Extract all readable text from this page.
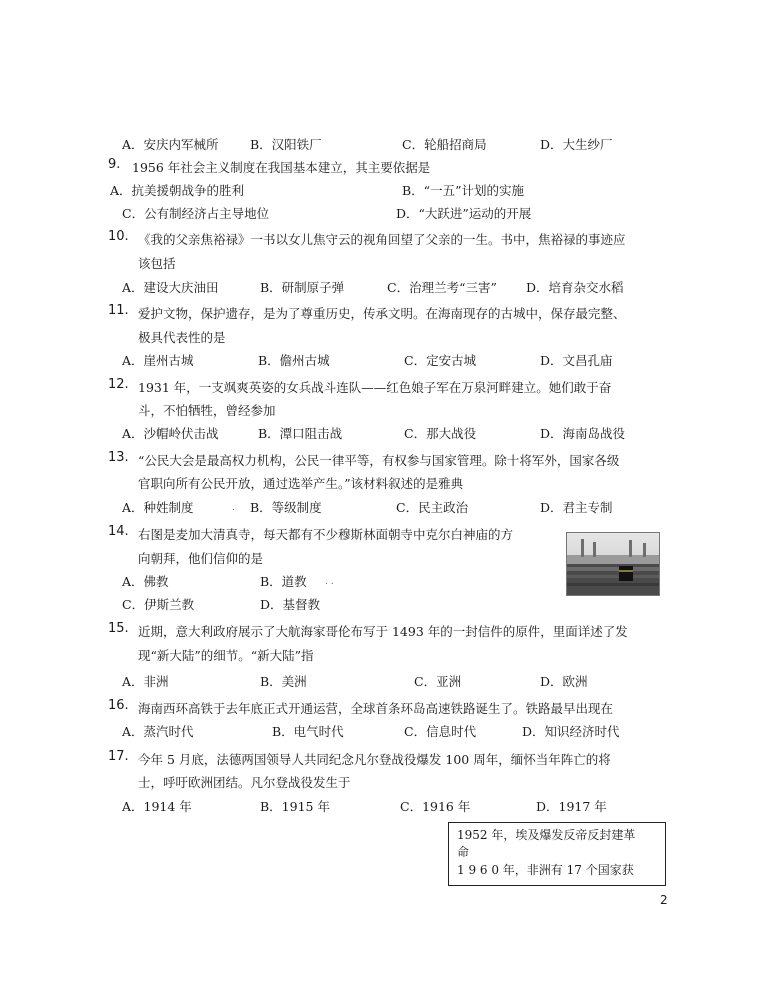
A．安庆内军械所	B．汉阳铁厂	C．轮船招商局	D．大生纱厂
9. 1956 年社会主义制度在我国基本建立，其主要依据是
A．抗美援朝战争的胜利	B．“一五”计划的实施
C．公有制经济占主导地位	D．“大跃进”运动的开展
10. 《我的父亲焦裕禄》一书以女儿焦守云的视角回望了父亲的一生。书中，焦裕禄的事迹应
该包括
A．建设大庆油田	B．研制原子弹	C．治理兰考“三害” D．培育杂交水稻
11. 爱护文物，保护遗存，是为了尊重历史，传承文明。在海南现存的古城中，保存最完整、
极具代表性的是
A．崖州古城	B．儋州古城	C．定安古城	D．文昌孔庙
12. 1931 年，一支飒爽英姿的女兵战斗连队——红色娘子军在万泉河畔建立。她们敢于奋
斗，不怕牺牲，曾经参加
A．沙帽岭伏击战	B．潭口阻击战	C．那大战役	D．海南岛战役
13. “公民大会是最高权力机构，公民一律平等，有权参与国家管理。除十将军外，国家各级
官职向所有公民开放，通过选举产生。”该材料叙述的是雅典
A．种姓制度	. B．等级制度	C．民主政治	D．君主专制
14. 右图是麦加大清真寺，每天都有不少穆斯林面朝寺中克尔白神庙的方
向朝拜，他们信仰的是
A．佛教	B．道教 . .
C．伊斯兰教	D．基督教
15. 近期，意大利政府展示了大航海家哥伦布写于 1493 年的一封信件的原件，里面详述了发
现“新大陆”的细节。“新大陆”指
A．非洲	B．美洲	C．亚洲	D．欧洲
16. 海南西环高铁于去年底正式开通运营，全球首条环岛高速铁路诞生了。铁路最早出现在
A．蒸汽时代	B．电气时代	C．信息时代	D．知识经济时代
17. 今年 5 月底，法德两国领导人共同纪念凡尔登战役爆发 100 周年，缅怀当年阵亡的将
士，呼吁欧洲团结。凡尔登战役发生于
A．1914 年	B．1915 年	C．1916 年	D．1917 年
1952 年，埃及爆发反帝反封建革
命
1 9 6 0 年，非洲有 17 个国家获
2
